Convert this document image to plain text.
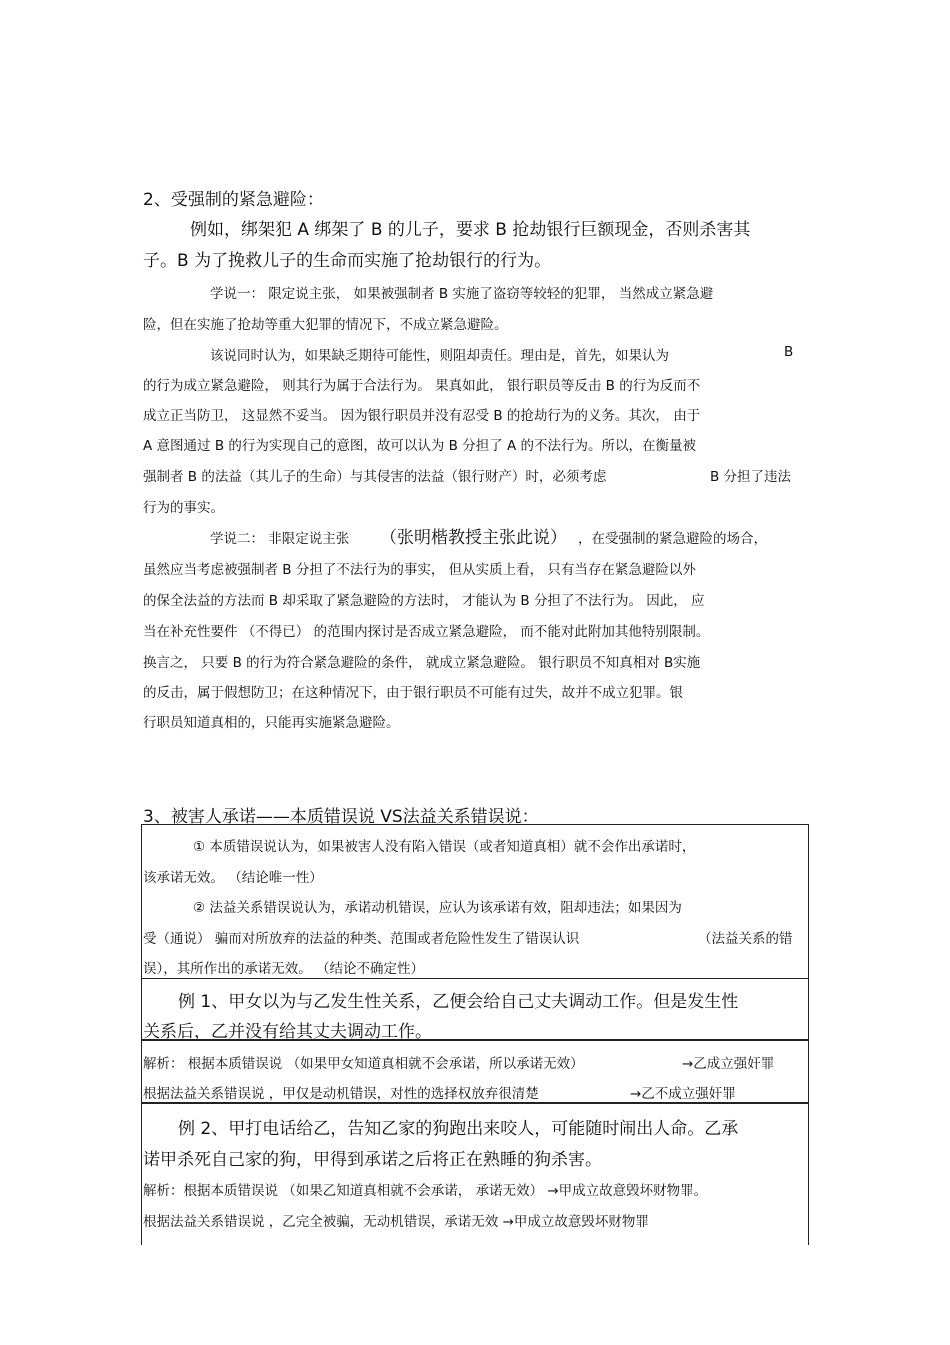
2、受强制的紧急避险：
例如，绑架犯 A 绑架了 B 的儿子，要求 B 抢劫银行巨额现金，否则杀害其
子。B 为了挽救儿子的生命而实施了抢劫银行的行为。
学说一： 限定说主张， 如果被强制者 B 实施了盗窃等较轻的犯罪， 当然成立紧急避
险，但在实施了抢劫等重大犯罪的情况下，不成立紧急避险。
该说同时认为，如果缺乏期待可能性，则阻却责任。理由是，首先，如果认为	B
的行为成立紧急避险， 则其行为属于合法行为。 果真如此， 银行职员等反击 B 的行为反而不
成立正当防卫， 这显然不妥当。 因为银行职员并没有忍受 B 的抢劫行为的义务。其次， 由于
A 意图通过 B 的行为实现自己的意图，故可以认为 B 分担了 A 的不法行为。所以，在衡量被
强制者 B 的法益（其儿子的生命）与其侵害的法益（银行财产）时，必须考虑	B 分担了违法
行为的事实。
学说二： 非限定说主张 （张明楷教授主张此说） ，在受强制的紧急避险的场合，
虽然应当考虑被强制者 B 分担了不法行为的事实， 但从实质上看， 只有当存在紧急避险以外
的保全法益的方法而 B 却采取了紧急避险的方法时， 才能认为 B 分担了不法行为。 因此， 应
当在补充性要件 （不得已） 的范围内探讨是否成立紧急避险， 而不能对此附加其他特别限制。
换言之， 只要 B 的行为符合紧急避险的条件， 就成立紧急避险。 银行职员不知真相对 B实施
的反击，属于假想防卫；在这种情况下，由于银行职员不可能有过失，故并不成立犯罪。银
行职员知道真相的，只能再实施紧急避险。
3、被害人承诺——本质错误说 VS法益关系错误说：
① 本质错误说认为，如果被害人没有陷入错误（或者知道真相）就不会作出承诺时，
该承诺无效。 （结论唯一性）
② 法益关系错误说认为，承诺动机错误，应认为该承诺有效，阻却违法；如果因为
受（通说） 骗而对所放弃的法益的种类、范围或者危险性发生了错误认识	（法益关系的错
误），其所作出的承诺无效。 （结论不确定性）
例 1、甲女以为与乙发生性关系，乙便会给自己丈夫调动工作。但是发生性
关系后，乙并没有给其丈夫调动工作。
解析： 根据本质错误说 （如果甲女知道真相就不会承诺，所以承诺无效）	→乙成立强奸罪
根据法益关系错误说 ，甲仅是动机错误，对性的选择权放弃很清楚	→乙不成立强奸罪
例 2、甲打电话给乙，告知乙家的狗跑出来咬人，可能随时闹出人命。乙承
诺甲杀死自己家的狗，甲得到承诺之后将正在熟睡的狗杀害。
解析：根据本质错误说 （如果乙知道真相就不会承诺， 承诺无效） →甲成立故意毁坏财物罪。
根据法益关系错误说 ，乙完全被骗，无动机错误，承诺无效 →甲成立故意毁坏财物罪
